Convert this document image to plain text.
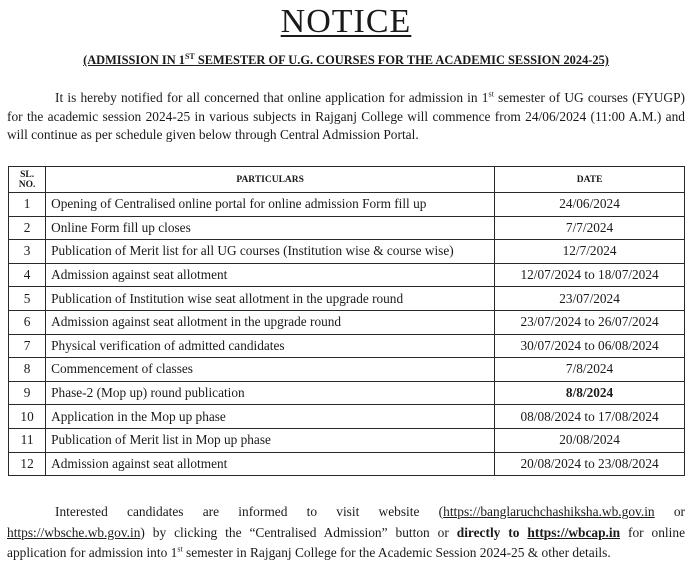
NOTICE
(ADMISSION IN 1ST SEMESTER OF U.G. COURSES FOR THE ACADEMIC SESSION 2024-25)
It is hereby notified for all concerned that online application for admission in 1st semester of UG courses (FYUGP) for the academic session 2024-25 in various subjects in Rajganj College will commence from 24/06/2024 (11:00 A.M.) and will continue as per schedule given below through Central Admission Portal.
SL.
NO.	PARTICULARS	DATE
1	Opening of Centralised online portal for online admission Form fill up	24/06/2024
2	Online Form fill up closes	7/7/2024
3	Publication of Merit list for all UG courses (Institution wise & course wise)	12/7/2024
4	Admission against seat allotment	12/07/2024 to 18/07/2024
5	Publication of Institution wise seat allotment in the upgrade round	23/07/2024
6	Admission against seat allotment in the upgrade round	23/07/2024 to 26/07/2024
7	Physical verification of admitted candidates	30/07/2024 to 06/08/2024
8	Commencement of classes	7/8/2024
9	Phase-2 (Mop up) round publication	8/8/2024
10	Application in the Mop up phase	08/08/2024 to 17/08/2024
11	Publication of Merit list in Mop up phase	20/08/2024
12	Admission against seat allotment	20/08/2024 to 23/08/2024
Interested candidates are informed to visit website (https://banglaruchchashiksha.wb.gov.in or https://wbsche.wb.gov.in) by clicking the “Centralised Admission” button or directly to https://wbcap.in for online application for admission into 1st semester in Rajganj College for the Academic Session 2024-25 & other details.
